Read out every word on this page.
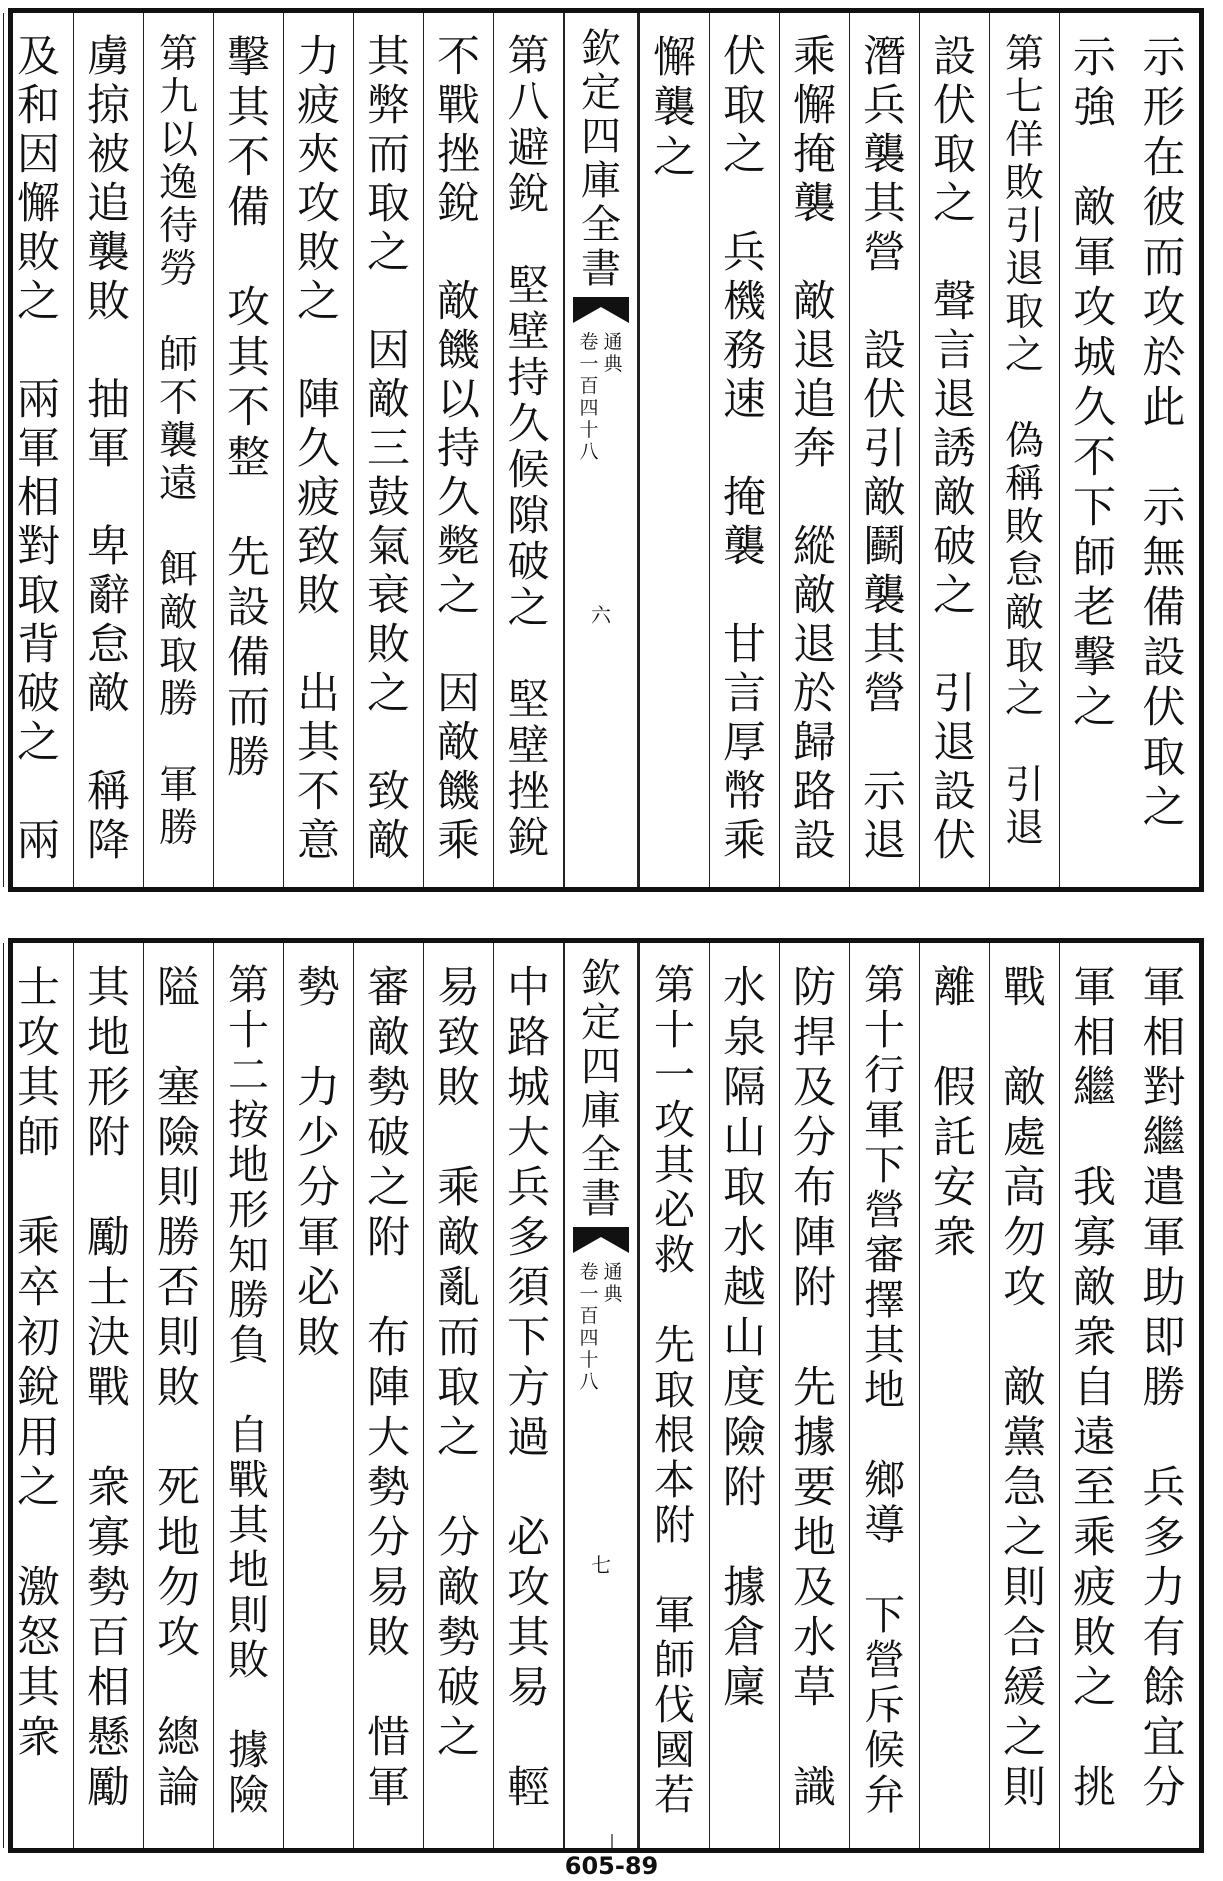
示
形
在
彼
而
攻
於
此
示
無
備
設
伏
取
之
示
強
敵
軍
攻
城
久
不
下
師
老
擊
之
第
七
佯
敗
引
退
取
之
偽
稱
敗
怠
敵
取
之
引
退
設
伏
取
之
聲
言
退
誘
敵
破
之
引
退
設
伏
潛
兵
襲
其
營
設
伏
引
敵
鬬
襲
其
營
示
退
乘
懈
掩
襲
敵
退
追
奔
縱
敵
退
於
歸
路
設
伏
取
之
兵
機
務
速
掩
襲
甘
言
厚
幣
乘
懈
襲
之
第
八
避
銳
堅
壁
持
久
候
隙
破
之
堅
壁
挫
銳
不
戰
挫
銳
敵
饑
以
持
久
斃
之
因
敵
饑
乘
其
弊
而
取
之
因
敵
三
鼓
氣
衰
敗
之
致
敵
力
疲
夾
攻
敗
之
陣
久
疲
致
敗
出
其
不
意
擊
其
不
備
攻
其
不
整
先
設
備
而
勝
第
九
以
逸
待
勞
師
不
襲
遠
餌
敵
取
勝
軍
勝
虜
掠
被
追
襲
敗
抽
軍
卑
辭
怠
敵
稱
降
及
和
因
懈
敗
之
兩
軍
相
對
取
背
破
之
兩
欽
定
四
庫
全
書
卷
一
百
四
十
八
通
典
六
軍
相
對
繼
遣
軍
助
即
勝
兵
多
力
有
餘
宜
分
軍
相
繼
我
寡
敵
衆
自
遠
至
乘
疲
敗
之
挑
戰
敵
處
高
勿
攻
敵
黨
急
之
則
合
緩
之
則
離
假
託
安
衆
第
十
行
軍
下
營
審
擇
其
地
鄉
導
下
營
斥
候
弁
防
捍
及
分
布
陣
附
先
據
要
地
及
水
草
識
水
泉
隔
山
取
水
越
山
度
險
附
據
倉
廩
第
十
一
攻
其
必
救
先
取
根
本
附
軍
師
伐
國
若
中
路
城
大
兵
多
須
下
方
過
必
攻
其
易
輕
易
致
敗
乘
敵
亂
而
取
之
分
敵
勢
破
之
審
敵
勢
破
之
附
布
陣
大
勢
分
易
敗
惜
軍
勢
力
少
分
軍
必
敗
第
十
二
按
地
形
知
勝
負
自
戰
其
地
則
敗
據
險
隘
塞
險
則
勝
否
則
敗
死
地
勿
攻
總
論
其
地
形
附
勵
士
決
戰
衆
寡
勢
百
相
懸
勵
士
攻
其
師
乘
卒
初
銳
用
之
激
怒
其
衆
欽
定
四
庫
全
書
卷
一
百
四
十
八
通
典
七
605-89
